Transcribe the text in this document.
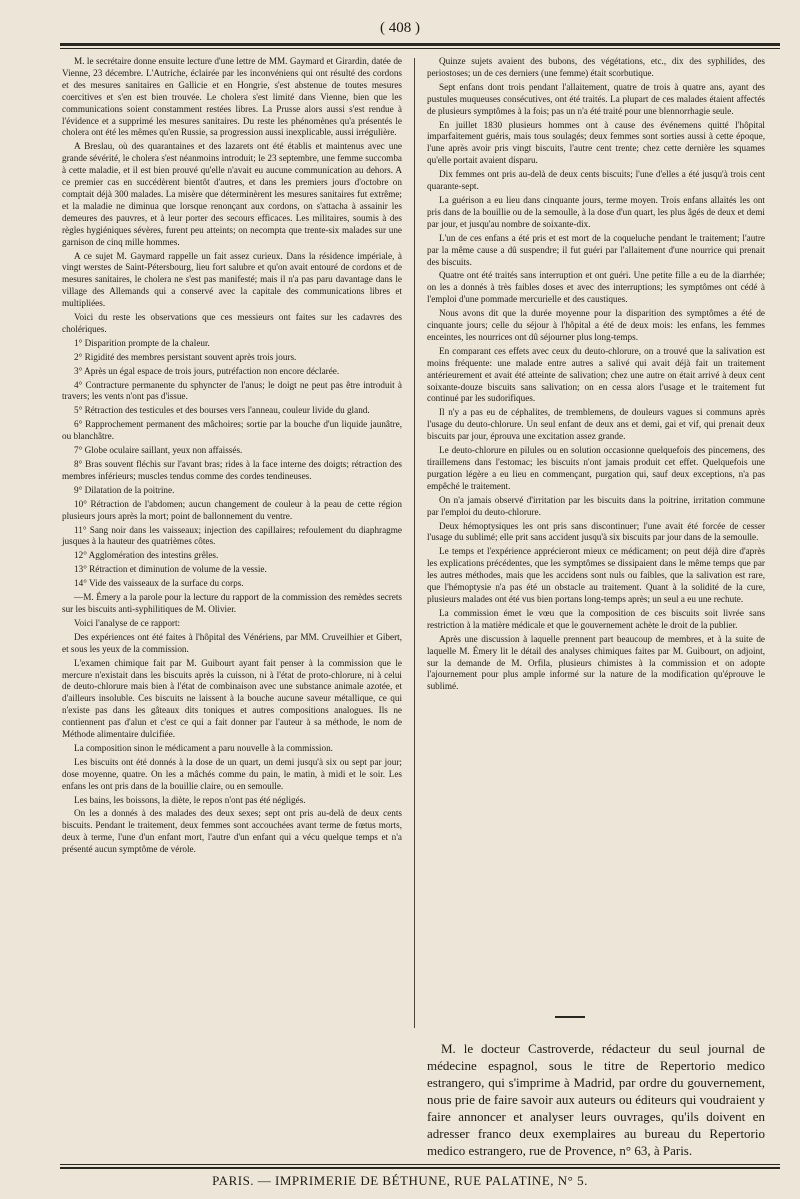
( 408 )

M. le secrétaire donne ensuite lecture d'une lettre de MM. Gaymard et Girardin, datée de Vienne, 23 décembre. L'Autriche, éclairée par les inconvéniens qui ont résulté des cordons et des mesures sanitaires en Gallicie et en Hongrie, s'est abstenue de toutes mesures coercitives et s'en est bien trouvée. Le cholera s'est limité dans Vienne, bien que les communications soient constamment restées libres. La Prusse alors aussi s'est rendue à l'évidence et a supprimé les mesures sanitaires. Du reste les phénomènes qu'a présentés le cholera ont été les mêmes qu'en Russie, sa progression aussi inexplicable, aussi irrégulière.

A Breslau, où des quarantaines et des lazarets ont été établis et maintenus avec une grande sévérité, le cholera s'est néanmoins introduit; le 23 septembre, une femme succomba à cette maladie, et il est bien prouvé qu'elle n'avait eu aucune communication au dehors. A ce premier cas en succédèrent bientôt d'autres, et dans les premiers jours d'octobre on comptait déjà 300 malades. La misère que déterminèrent les mesures sanitaires fut extrême; et la maladie ne diminua que lorsque renonçant aux cordons, on s'attacha à assainir les demeures des pauvres, et à leur porter des secours efficaces. Les militaires, soumis à des règles hygiéniques sévères, furent peu atteints; on necompta que trente-six malades sur une garnison de cinq mille hommes.

A ce sujet M. Gaymard rappelle un fait assez curieux. Dans la résidence impériale, à vingt werstes de Saint-Pétersbourg, lieu fort salubre et qu'on avait entouré de cordons et de mesures sanitaires, le cholera ne s'est pas manifesté; mais il n'a pas paru davantage dans le village des Allemands qui a conservé avec la capitale des communications libres et multipliées.

Voici du reste les observations que ces messieurs ont faites sur les cadavres des cholériques.

1° Disparition prompte de la chaleur.

2° Rigidité des membres persistant souvent après trois jours.

3° Après un égal espace de trois jours, putréfaction non encore déclarée.

4° Contracture permanente du sphyncter de l'anus; le doigt ne peut pas être introduit à travers; les vents n'ont pas d'issue.

5° Rétraction des testicules et des bourses vers l'anneau, couleur livide du gland.

6° Rapprochement permanent des mâchoires; sortie par la bouche d'un liquide jaunâtre, ou blanchâtre.

7° Globe oculaire saillant, yeux non affaissés.

8° Bras souvent fléchis sur l'avant bras; rides à la face interne des doigts; rétraction des membres inférieurs; muscles tendus comme des cordes tendineuses.

9° Dilatation de la poitrine.

10° Rétraction de l'abdomen; aucun changement de couleur à la peau de cette région plusieurs jours après la mort; point de ballonnement du ventre.

11° Sang noir dans les vaisseaux; injection des capillaires; refoulement du diaphragme jusques à la hauteur des quatrièmes côtes.

12° Agglomération des intestins grêles.

13° Rétraction et diminution de volume de la vessie.

14° Vide des vaisseaux de la surface du corps.

—M. Émery a la parole pour la lecture du rapport de la commission des remèdes secrets sur les biscuits anti-syphilitiques de M. Olivier.

Voici l'analyse de ce rapport:

Des expériences ont été faites à l'hôpital des Vénériens, par MM. Cruveilhier et Gibert, et sous les yeux de la commission.

L'examen chimique fait par M. Guibourt ayant fait penser à la commission que le mercure n'existait dans les biscuits après la cuisson, ni à l'état de proto-chlorure, ni à celui de deuto-chlorure mais bien à l'état de combinaison avec une substance animale azotée, et d'ailleurs insoluble. Ces biscuits ne laissent à la bouche aucune saveur métallique, ce qui n'existe pas dans les gâteaux dits toniques et autres compositions analogues. Ils ne contiennent pas d'alun et c'est ce qui a fait donner par l'auteur à sa méthode, le nom de Méthode alimentaire dulcifiée.

La composition sinon le médicament a paru nouvelle à la commission.

Les biscuits ont été donnés à la dose de un quart, un demi jusqu'à six ou sept par jour; dose moyenne, quatre. On les a mâchés comme du pain, le matin, à midi et le soir. Les enfans les ont pris dans de la bouillie claire, ou en semoulle.

Les bains, les boissons, la diète, le repos n'ont pas été négligés.

On les a donnés à des malades des deux sexes; sept ont pris au-delà de deux cents biscuits. Pendant le traitement, deux femmes sont accouchées avant terme de fœtus morts, deux à terme, l'une d'un enfant mort, l'autre d'un enfant qui a vécu quelque temps et n'a présenté aucun symptôme de vérole.

Quinze sujets avaient des bubons, des végétations, etc., dix des syphilides, des periostoses; un de ces derniers (une femme) était scorbutique.

Sept enfans dont trois pendant l'allaitement, quatre de trois à quatre ans, ayant des pustules muqueuses consécutives, ont été traités. La plupart de ces malades étaient affectés de plusieurs symptômes à la fois; pas un n'a été traité pour une blennorrhagie seule.

En juillet 1830 plusieurs hommes ont à cause des événemens quitté l'hôpital imparfaitement guéris, mais tous soulagés; deux femmes sont sorties aussi à cette époque, l'une après avoir pris vingt biscuits, l'autre cent trente; chez cette dernière les squames qu'elle portait avaient disparu.

Dix femmes ont pris au-delà de deux cents biscuits; l'une d'elles a été jusqu'à trois cent quarante-sept.

La guérison a eu lieu dans cinquante jours, terme moyen. Trois enfans allaités les ont pris dans de la bouillie ou de la semoulle, à la dose d'un quart, les plus âgés de deux et demi par jour, et jusqu'au nombre de soixante-dix.

L'un de ces enfans a été pris et est mort de la coqueluche pendant le traitement; l'autre par la même cause a dû suspendre; il fut guéri par l'allaitement d'une nourrice qui prenait des biscuits.

Quatre ont été traités sans interruption et ont guéri. Une petite fille a eu de la diarrhée; on les a donnés à très faibles doses et avec des interruptions; les symptômes ont cédé à l'emploi d'une pommade mercurielle et des caustiques.

Nous avons dit que la durée moyenne pour la disparition des symptômes a été de cinquante jours; celle du séjour à l'hôpital a été de deux mois: les enfans, les femmes enceintes, les nourrices ont dû séjourner plus long-temps.

En comparant ces effets avec ceux du deuto-chlorure, on a trouvé que la salivation est moins fréquente: une malade entre autres a salivé qui avait déjà fait un traitement antérieurement et avait été atteinte de salivation; chez une autre on était arrivé à deux cent soixante-douze biscuits sans salivation; on en cessa alors l'usage et le traitement fut continué par les sudorifiques.

Il n'y a pas eu de céphalites, de tremblemens, de douleurs vagues si communs après l'usage du deuto-chlorure. Un seul enfant de deux ans et demi, gai et vif, qui prenait deux biscuits par jour, éprouva une excitation assez grande.

Le deuto-chlorure en pilules ou en solution occasionne quelquefois des pincemens, des tiraillemens dans l'estomac; les biscuits n'ont jamais produit cet effet. Quelquefois une purgation légère a eu lieu en commençant, purgation qui, sauf deux exceptions, n'a pas empêché le traitement.

On n'a jamais observé d'irritation par les biscuits dans la poitrine, irritation commune par l'emploi du deuto-chlorure.

Deux hémoptysiques les ont pris sans discontinuer; l'une avait été forcée de cesser l'usage du sublimé; elle prit sans accident jusqu'à six biscuits par jour dans de la semoulle.

Le temps et l'expérience apprécieront mieux ce médicament; on peut déjà dire d'après les explications précédentes, que les symptômes se dissipaient dans le même temps que par les autres méthodes, mais que les accidens sont nuls ou faibles, que la salivation est rare, que l'hémoptysie n'a pas été un obstacle au traitement. Quant à la solidité de la cure, plusieurs malades ont été vus bien portans long-temps après; un seul a eu une rechute.

La commission émet le vœu que la composition de ces biscuits soit livrée sans restriction à la matière médicale et que le gouvernement achète le droit de la publier.

Après une discussion à laquelle prennent part beaucoup de membres, et à la suite de laquelle M. Émery lit le détail des analyses chimiques faites par M. Guibourt, on adjoint, sur la demande de M. Orfila, plusieurs chimistes à la commission et on adopte l'ajournement pour plus ample informé sur la nature de la modification qu'éprouve le sublimé.

M. le docteur Castroverde, rédacteur du seul journal de médecine espagnol, sous le titre de Repertorio medico estrangero, qui s'imprime à Madrid, par ordre du gouvernement, nous prie de faire savoir aux auteurs ou éditeurs qui voudraient y faire annoncer et analyser leurs ouvrages, qu'ils doivent en adresser franco deux exemplaires au bureau du Repertorio medico estrangero, rue de Provence, n° 63, à Paris.

PARIS. — IMPRIMERIE DE BÉTHUNE, RUE PALATINE, N° 5.
